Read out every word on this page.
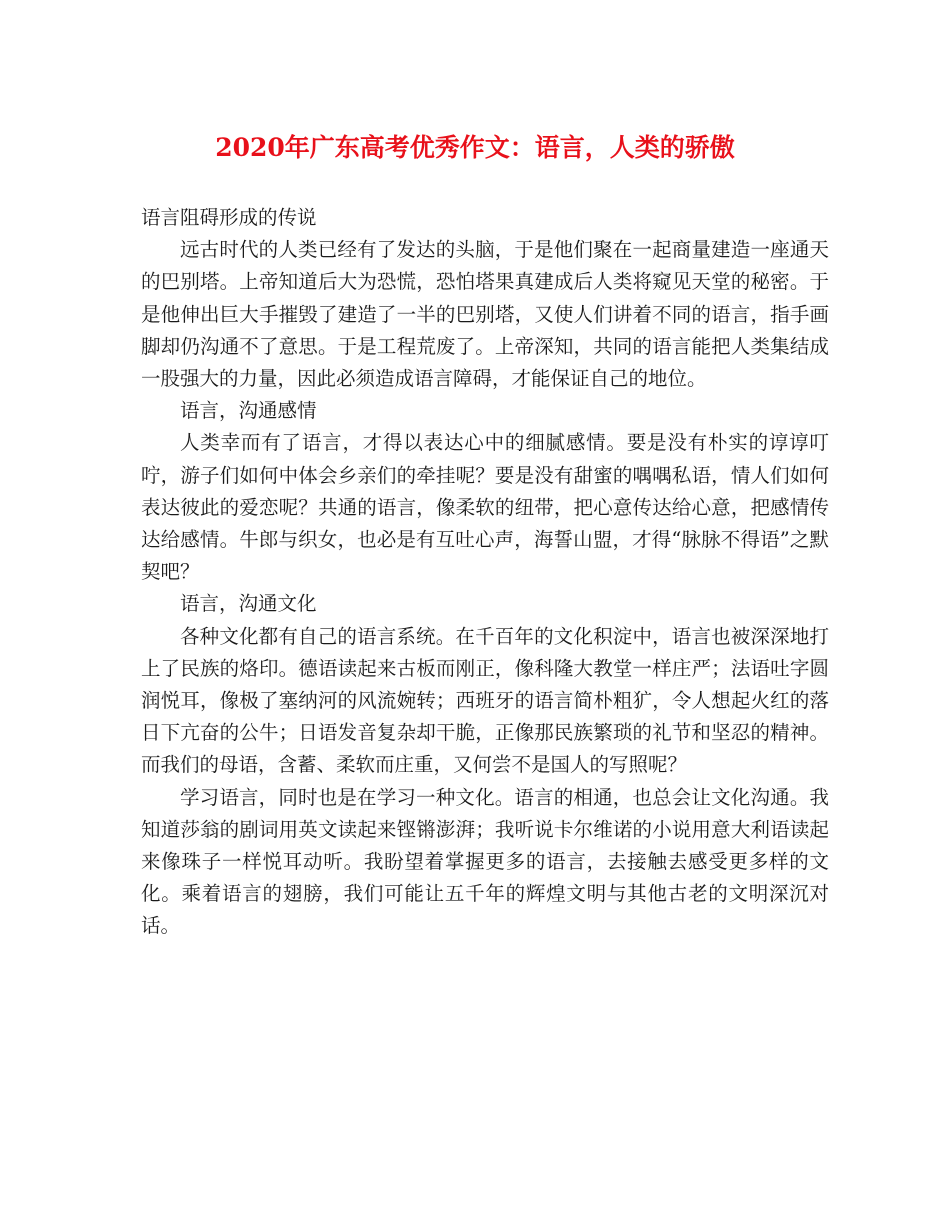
2020年广东高考优秀作文：语言，人类的骄傲

语言阻碍形成的传说

远古时代的人类已经有了发达的头脑，于是他们聚在一起商量建造一座通天的巴别塔。上帝知道后大为恐慌，恐怕塔果真建成后人类将窥见天堂的秘密。于是他伸出巨大手摧毁了建造了一半的巴别塔，又使人们讲着不同的语言，指手画脚却仍沟通不了意思。于是工程荒废了。上帝深知，共同的语言能把人类集结成一股强大的力量，因此必须造成语言障碍，才能保证自己的地位。

语言，沟通感情

人类幸而有了语言，才得以表达心中的细腻感情。要是没有朴实的谆谆叮咛，游子们如何中体会乡亲们的牵挂呢？要是没有甜蜜的喁喁私语，情人们如何表达彼此的爱恋呢？共通的语言，像柔软的纽带，把心意传达给心意，把感情传达给感情。牛郎与织女，也必是有互吐心声，海誓山盟，才得“脉脉不得语”之默契吧？

语言，沟通文化

各种文化都有自己的语言系统。在千百年的文化积淀中，语言也被深深地打上了民族的烙印。德语读起来古板而刚正，像科隆大教堂一样庄严；法语吐字圆润悦耳，像极了塞纳河的风流婉转；西班牙的语言简朴粗犷，令人想起火红的落日下亢奋的公牛；日语发音复杂却干脆，正像那民族繁琐的礼节和坚忍的精神。而我们的母语，含蓄、柔软而庄重，又何尝不是国人的写照呢？

学习语言，同时也是在学习一种文化。语言的相通，也总会让文化沟通。我知道莎翁的剧词用英文读起来铿锵澎湃；我听说卡尔维诺的小说用意大利语读起来像珠子一样悦耳动听。我盼望着掌握更多的语言，去接触去感受更多样的文化。乘着语言的翅膀，我们可能让五千年的辉煌文明与其他古老的文明深沉对话。
